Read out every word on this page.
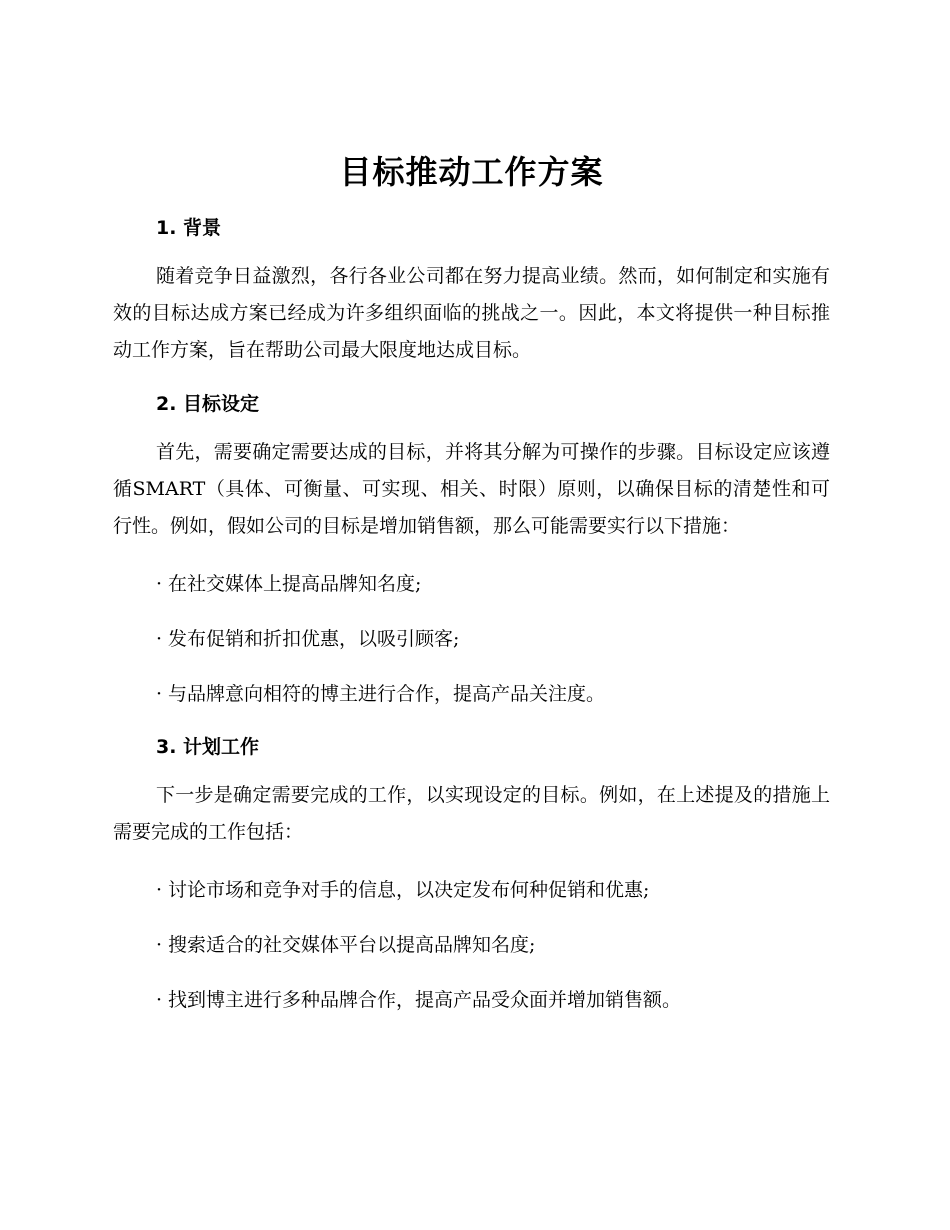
目标推动工作方案
1. 背景

随着竞争日益激烈，各行各业公司都在努力提高业绩。然而，如何制定和实施有效的目标达成方案已经成为许多组织面临的挑战之一。因此，本文将提供一种目标推动工作方案，旨在帮助公司最大限度地达成目标。

2. 目标设定

首先，需要确定需要达成的目标，并将其分解为可操作的步骤。目标设定应该遵循SMART（具体、可衡量、可实现、相关、时限）原则，以确保目标的清楚性和可行性。例如，假如公司的目标是增加销售额，那么可能需要实行以下措施：

· 在社交媒体上提高品牌知名度;
· 发布促销和折扣优惠，以吸引顾客;
· 与品牌意向相符的博主进行合作，提高产品关注度。
3. 计划工作

下一步是确定需要完成的工作，以实现设定的目标。例如，在上述提及的措施上需要完成的工作包括：

· 讨论市场和竞争对手的信息，以决定发布何种促销和优惠;
· 搜索适合的社交媒体平台以提高品牌知名度;
· 找到博主进行多种品牌合作，提高产品受众面并增加销售额。
